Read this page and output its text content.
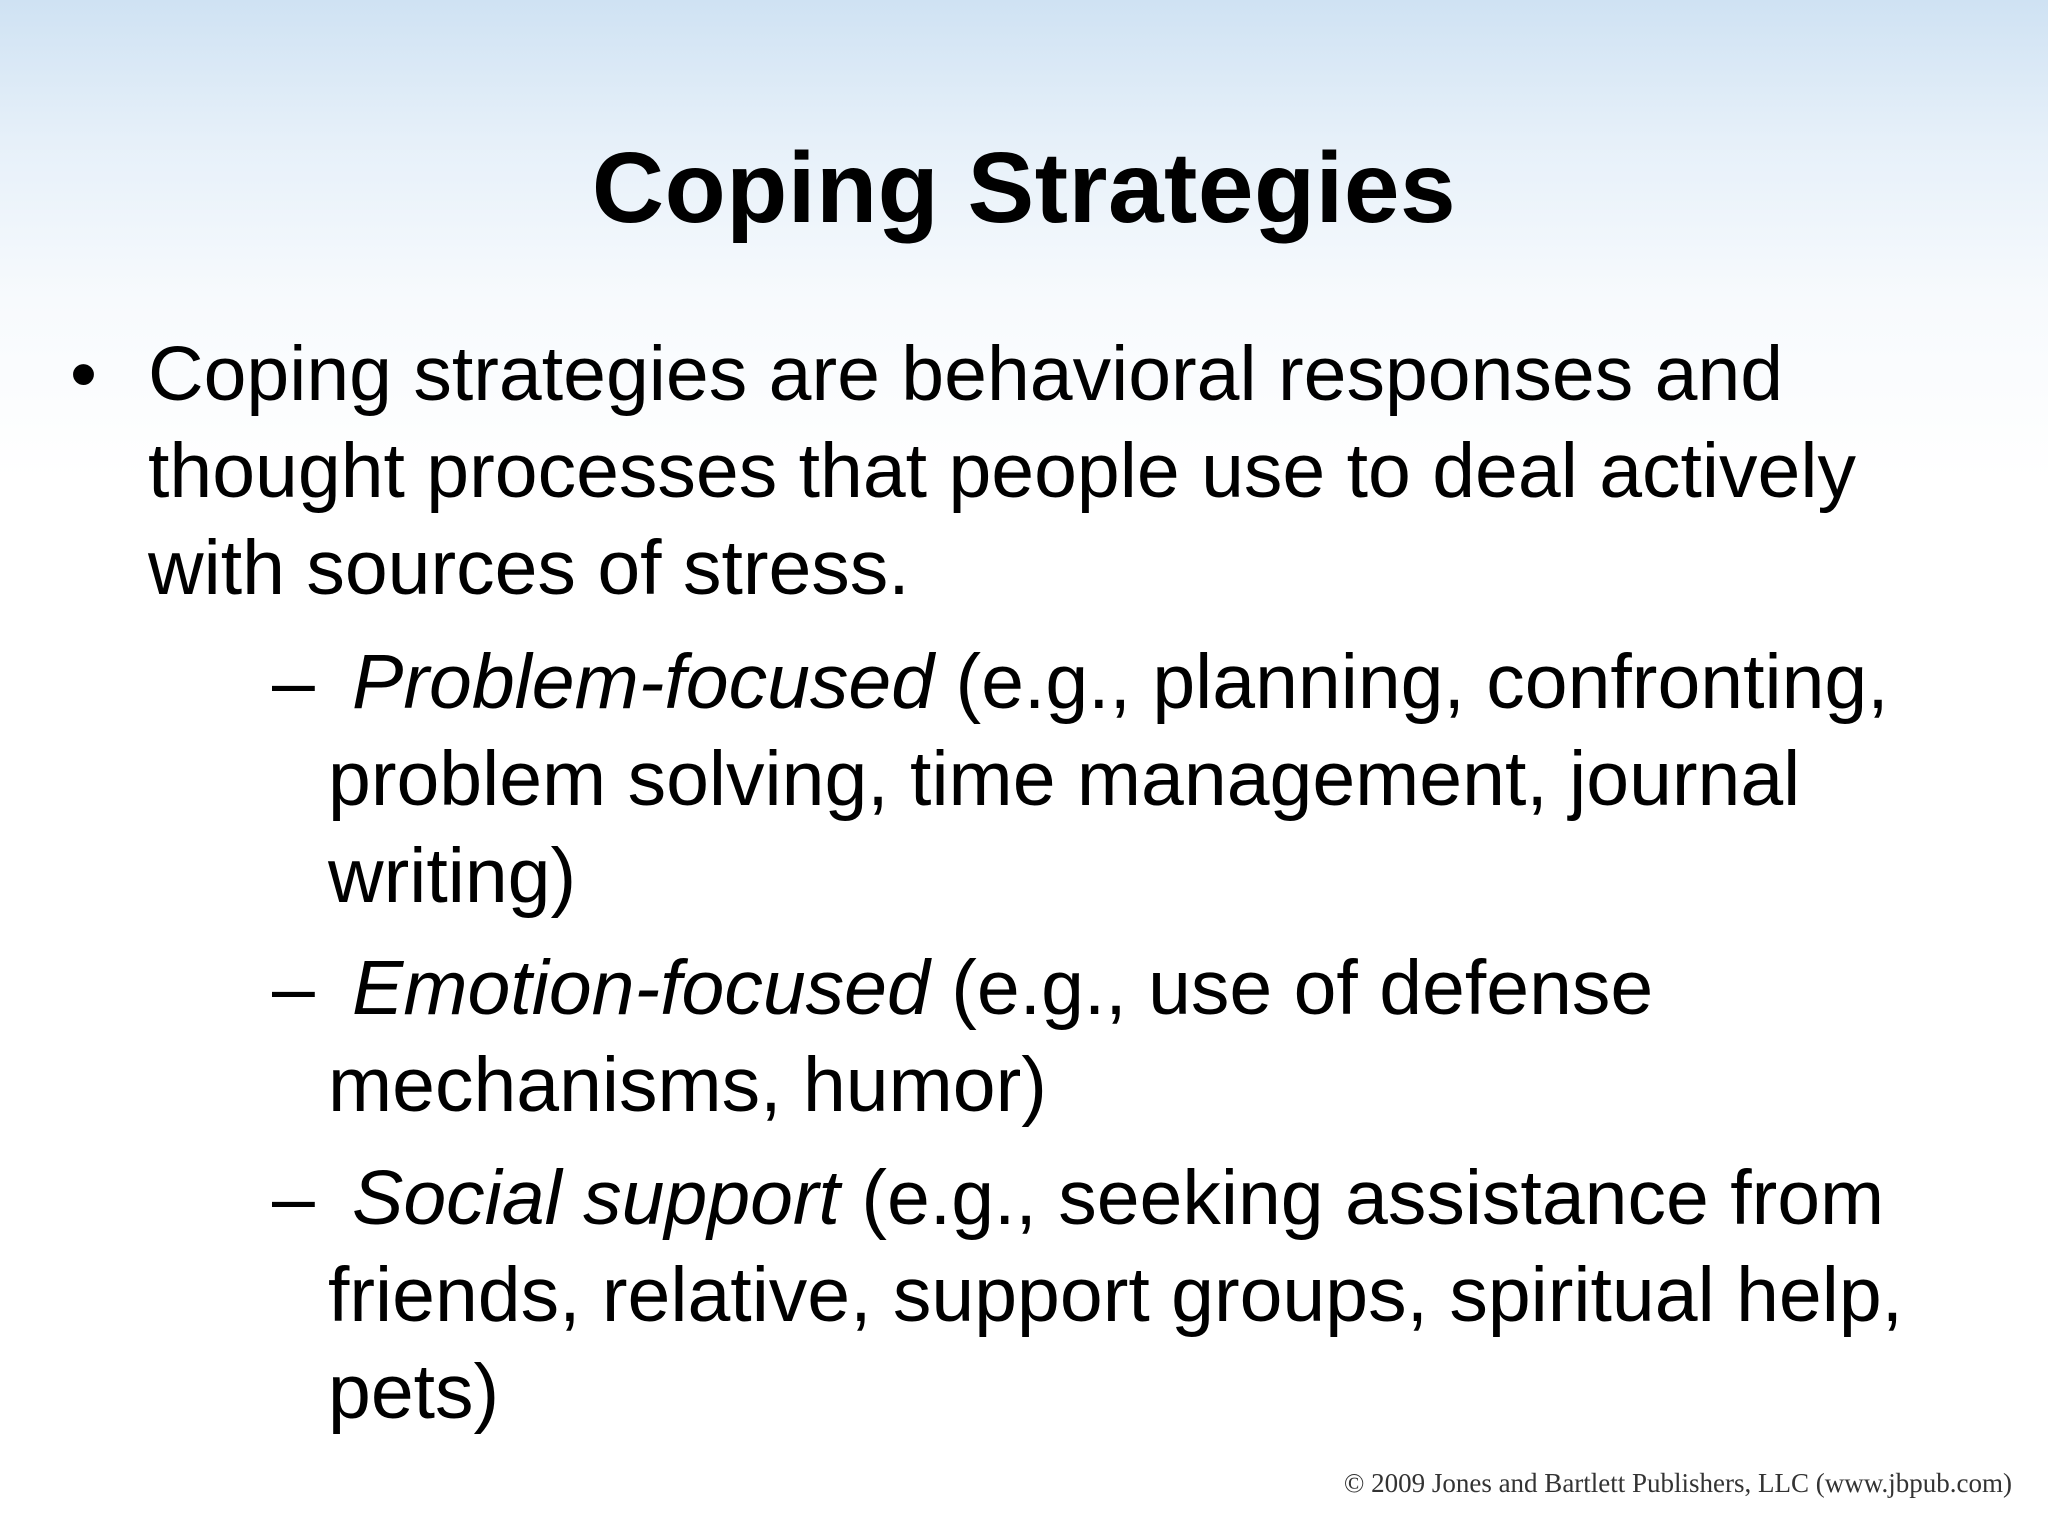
Coping Strategies
• Coping strategies are behavioral responses and thought processes that people use to deal actively with sources of stress.
– Problem-focused (e.g., planning, confronting, problem solving, time management, journal writing)
– Emotion-focused (e.g., use of defense mechanisms, humor)
– Social support (e.g., seeking assistance from friends, relative, support groups, spiritual help, pets)
© 2009 Jones and Bartlett Publishers, LLC (www.jbpub.com)
